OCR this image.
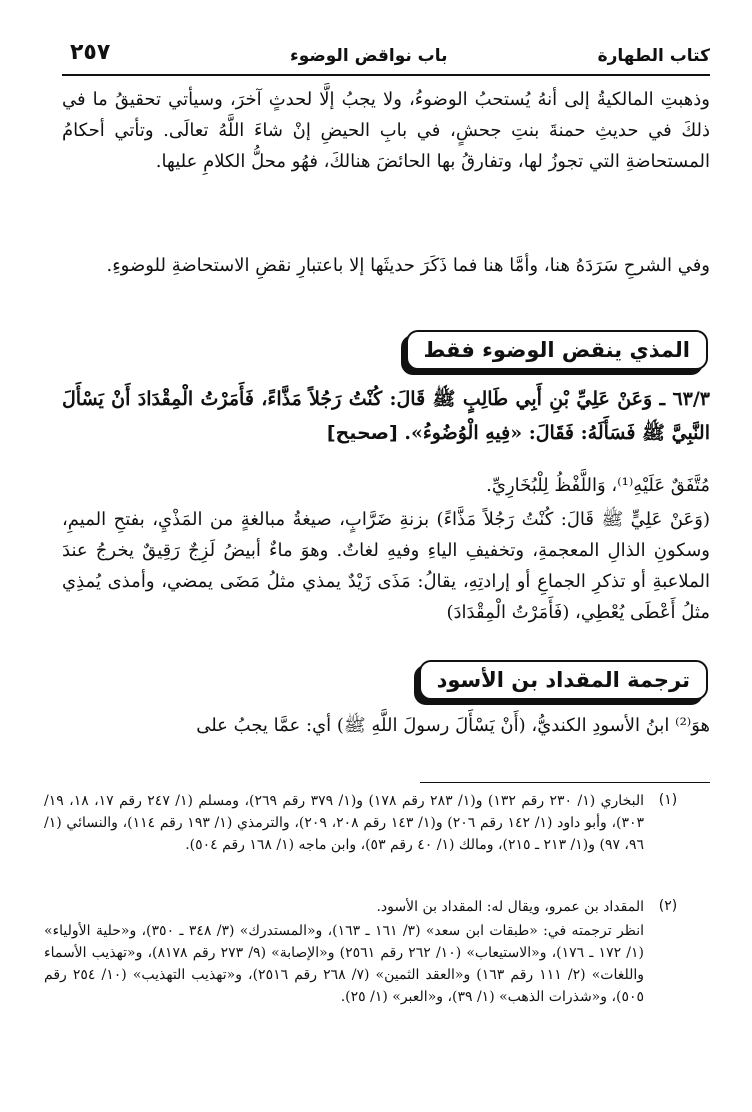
٢٥٧	باب نواقض الوضوء	كتاب الطهارة
وذهبتِ المالكيةُ إلى أنهُ يُستحبُ الوضوءُ، ولا يجبُ إلَّا لحدثٍ آخرَ، وسيأتي تحقيقُ ما في ذلكَ في حديثِ حمنةَ بنتِ جحشٍ، في بابِ الحيضِ إنْ شاءَ اللَّهُ تعالَى. وتأتي أحكامُ المستحاضةِ التي تجوزُ لها، وتفارقُ بها الحائضَ هنالكَ، فهُو محلُّ الكلامِ عليها.
وفي الشرحِ سَرَدَهُ هنا، وأمَّا هنا فما ذَكَرَ حديثَها إلا باعتبارِ نقضِ الاستحاضةِ للوضوءِ.
المذي ينقض الوضوء فقط
٦٣/٣ ـ وَعَنْ عَلِيِّ بْنِ أَبِي طَالِبٍ ﷺ قَالَ: كُنْتُ رَجُلاً مَذَّاءً، فَأَمَرْتُ الْمِقْدَادَ أَنْ يَسْأَلَ النَّبِيَّ ﷺ فَسَأَلَهُ: فَقَالَ: «فِيهِ الْوُضُوءُ». [صحيح]
مُتَّفَقٌ عَلَيْهِ⁽¹⁾، وَاللَّفْظُ لِلْبُخَارِيِّ.
(وَعَنْ عَلِيٍّ ﷺ قَالَ: كُنْتُ رَجُلاً مَذَّاءً) بزنةِ ضَرَّابٍ، صيغةُ مبالغةٍ من المَذْيِ، بفتحِ الميمِ، وسكونِ الذالِ المعجمةِ، وتخفيفِ الياءِ وفيهِ لغاتٌ. وهوَ ماءٌ أبيضُ لَزِجٌ رَقِيقٌ يخرجُ عندَ الملاعبةِ أو تذكرِ الجماعِ أو إرادتِهِ، يقالُ: مَذَى زَيْدٌ يمذي مثلُ مَضَى يمضي، وأمذى يُمذِي مثلُ أَعْطَى يُعْطِي، (فَأَمَرْتُ الْمِقْدَادَ)
ترجمة المقداد بن الأسود
هوَ⁽²⁾ ابنُ الأسودِ الكنديُّ، (أَنْ يَسْأَلَ رسولَ اللَّهِ ﷺ) أي: عمَّا يجبُ على
(١)
البخاري (١/ ٢٣٠ رقم ١٣٢) و(١/ ٢٨٣ رقم ١٧٨) و(١/ ٣٧٩ رقم ٢٦٩)، ومسلم (١/ ٢٤٧ رقم ١٧، ١٨، ١٩/ ٣٠٣)، وأبو داود (١/ ١٤٢ رقم ٢٠٦) و(١/ ١٤٣ رقم ٢٠٨، ٢٠٩)، والترمذي (١/ ١٩٣ رقم ١١٤)، والنسائي (١/ ٩٦، ٩٧) و(١/ ٢١٣ ـ ٢١٥)، ومالك (١/ ٤٠ رقم ٥٣)، وابن ماجه (١/ ١٦٨ رقم ٥٠٤).
(٢)
المقداد بن عمرو، ويقال له: المقداد بن الأسود.
انظر ترجمته في: «طبقات ابن سعد» (٣/ ١٦١ ـ ١٦٣)، و«المستدرك» (٣/ ٣٤٨ ـ ٣٥٠)، و«حلية الأولياء» (١/ ١٧٢ ـ ١٧٦)، و«الاستيعاب» (١٠/ ٢٦٢ رقم ٢٥٦١) و«الإصابة» (٩/ ٢٧٣ رقم ٨١٧٨)، و«تهذيب الأسماء واللغات» (٢/ ١١١ رقم ١٦٣) و«العقد الثمين» (٧/ ٢٦٨ رقم ٢٥١٦)، و«تهذيب التهذيب» (١٠/ ٢٥٤ رقم ٥٠٥)، و«شذرات الذهب» (١/ ٣٩)، و«العبر» (١/ ٢٥).
